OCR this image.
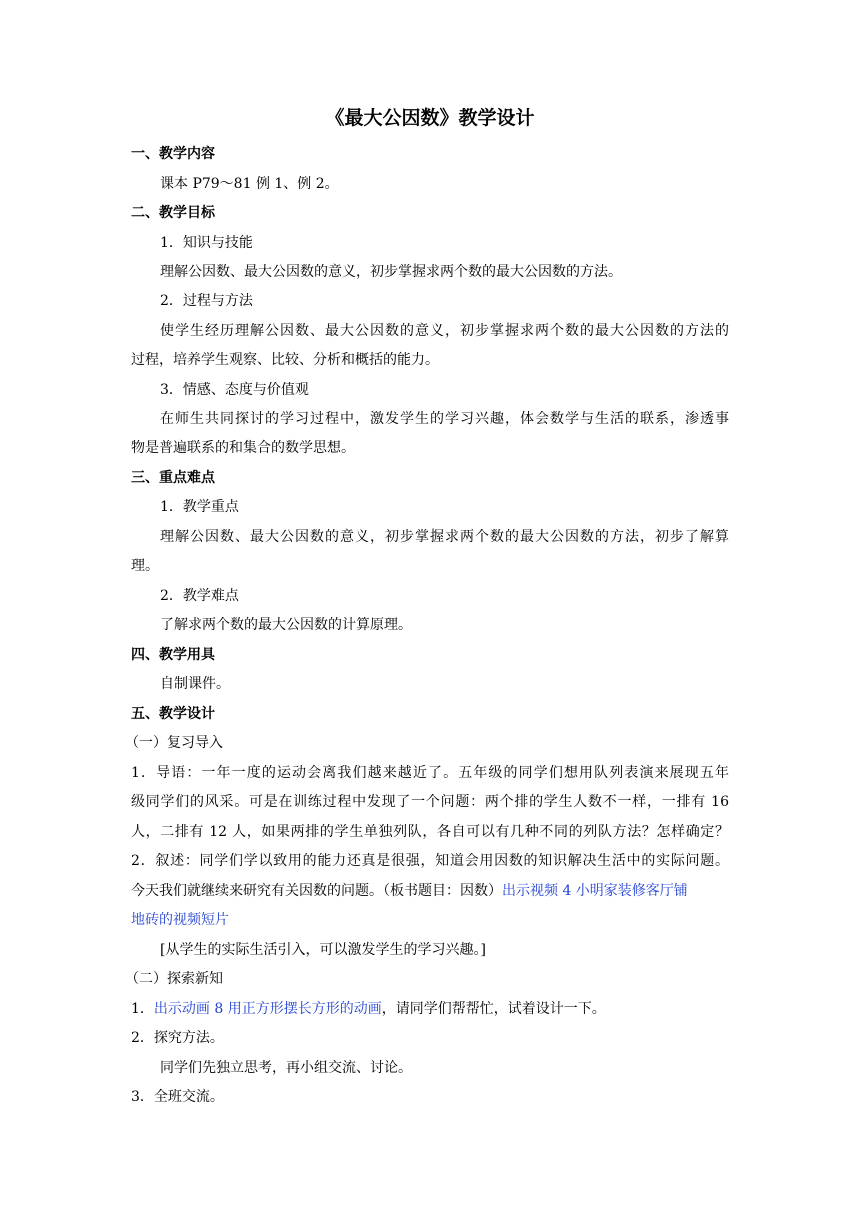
《最大公因数》教学设计

一、教学内容

课本 P79～81 例 1、例 2。

二、教学目标

1．知识与技能

理解公因数、最大公因数的意义，初步掌握求两个数的最大公因数的方法。

2．过程与方法

使学生经历理解公因数、最大公因数的意义，初步掌握求两个数的最大公因数的方法的

过程，培养学生观察、比较、分析和概括的能力。

3．情感、态度与价值观

在师生共同探讨的学习过程中，激发学生的学习兴趣，体会数学与生活的联系，渗透事

物是普遍联系的和集合的数学思想。

三、重点难点

1．教学重点

理解公因数、最大公因数的意义，初步掌握求两个数的最大公因数的方法，初步了解算

理。

2．教学难点

了解求两个数的最大公因数的计算原理。

四、教学用具

自制课件。

五、教学设计

（一）复习导入

1．导语：一年一度的运动会离我们越来越近了。五年级的同学们想用队列表演来展现五年

级同学们的风采。可是在训练过程中发现了一个问题：两个排的学生人数不一样，一排有 16

人，二排有 12 人，如果两排的学生单独列队，各自可以有几种不同的列队方法？怎样确定？

2．叙述：同学们学以致用的能力还真是很强，知道会用因数的知识解决生活中的实际问题。

今天我们就继续来研究有关因数的问题。（板书题目：因数）出示视频 4 小明家装修客厅铺

地砖的视频短片

[从学生的实际生活引入，可以激发学生的学习兴趣。]

（二）探索新知

1．出示动画 8 用正方形摆长方形的动画，请同学们帮帮忙，试着设计一下。

2．探究方法。

同学们先独立思考，再小组交流、讨论。

3．全班交流。
